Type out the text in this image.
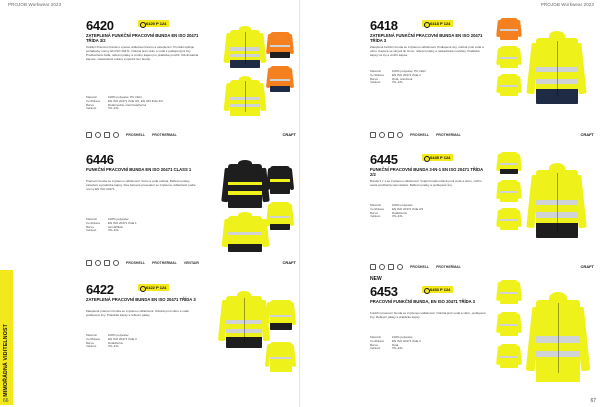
PROJOB Workwear 2023
MIMOŘÁDNÁ VIDITELNOST
66
6420	6420 P 124
ZATEPLENÁ FUNKČNÍ PRACOVNÍ BUNDA EN ISO 20471 TŘÍDA 3/2
Kvalitní Pracovní bunda s vysoce viditelnou barvou a zateplením. Produkt splňuje požadavky normy EN ISO 20471. Odolná proti větru a vodě s podlepenými švy. Prodloužená záda, reflexní pásky a mnoho kapes pro praktické použití. Odnímatelná kapuce, nastavitelné rukávy a spodní lem bundy.
Materiál	100% polyester, PU zátěr
Certifikace	EN ISO 20471 třída 3/2, EN 343 třída 3/3
Barva	žlutá/modrá, oranžová/černá
Velikost	XS–4XL
PROSHELL PROTHERMAL	CRAFT
6446
FUNKČNÍ PRACOVNÍ BUNDA EN ISO 20471 CLASS 1
Pracovní bunda se zvýšenou viditelností. Větru a vodě odolná. Reflexní pásky, zateplení a praktické kapsy. Dva barevné provedení se zvýšenou viditelností podle normy EN ISO 20471.
Materiál	100% polyester
Certifikace	EN ISO 20471 třída 1
Barva	černá/žlutá
Velikost	XS–4XL
PROSHELL PROTHERMAL VENTAIR	CRAFT
6422	6422 P 124
ZATEPLENÁ PRACOVNÍ BUNDA EN ISO 20471 TŘÍDA 3
Zateplená pracovní bunda se zvýšenou viditelností. Odolná proti větru a vodě, podlepené švy. Praktické kapsy a reflexní pásky.
Materiál	100% polyester
Certifikace	EN ISO 20471 třída 3
Barva	žlutá/černá
Velikost	XS–4XL
PROJOB Workwear 2023
67
6418	6418 P 124
ZATEPLENÁ FUNKČNÍ PRACOVNÍ BUNDA EN ISO 20471 TŘÍDA 3
Zateplená funkční bunda se zvýšenou viditelností. Podlepené švy, odolná proti vodě a větru. Kapuce se skrývá do límce, reflexní pásky a nastavitelné manžety. Praktické kapsy na zip a vnitřní kapsa.
Materiál	100% polyester, PU zátěr
Certifikace	EN ISO 20471 třída 3
Barva	žlutá, oranžová
Velikost	XS–4XL
PROSHELL PROTHERMAL	CRAFT
6445	6445 P 124
FUNKČNÍ PRACOVNÍ BUNDA 3-IN-1 EN ISO 20471 TŘÍDA 2/2
Bunda 3 v 1 se zvýšenou viditelností. Vnější bunda odolná proti vodě a větru, vnitřní vesta použitelná samostatně. Reflexní pásky a podlepené švy.
Materiál	100% polyester
Certifikace	EN ISO 20471 třída 2/2
Barva	žlutá/černá
Velikost	XS–4XL
PROSHELL PROTHERMAL	CRAFT
NEW
6453	6453 P 124
PRACOVNÍ FUNKČNÍ BUNDA, EN ISO 20471 TŘÍDA 3
Funkční pracovní bunda se zvýšenou viditelností. Odolná proti vodě a větru, podlepené švy. Reflexní pásky a praktické kapsy.
Materiál	100% polyester
Certifikace	EN ISO 20471 třída 3
Barva	žlutá
Velikost	XS–4XL
